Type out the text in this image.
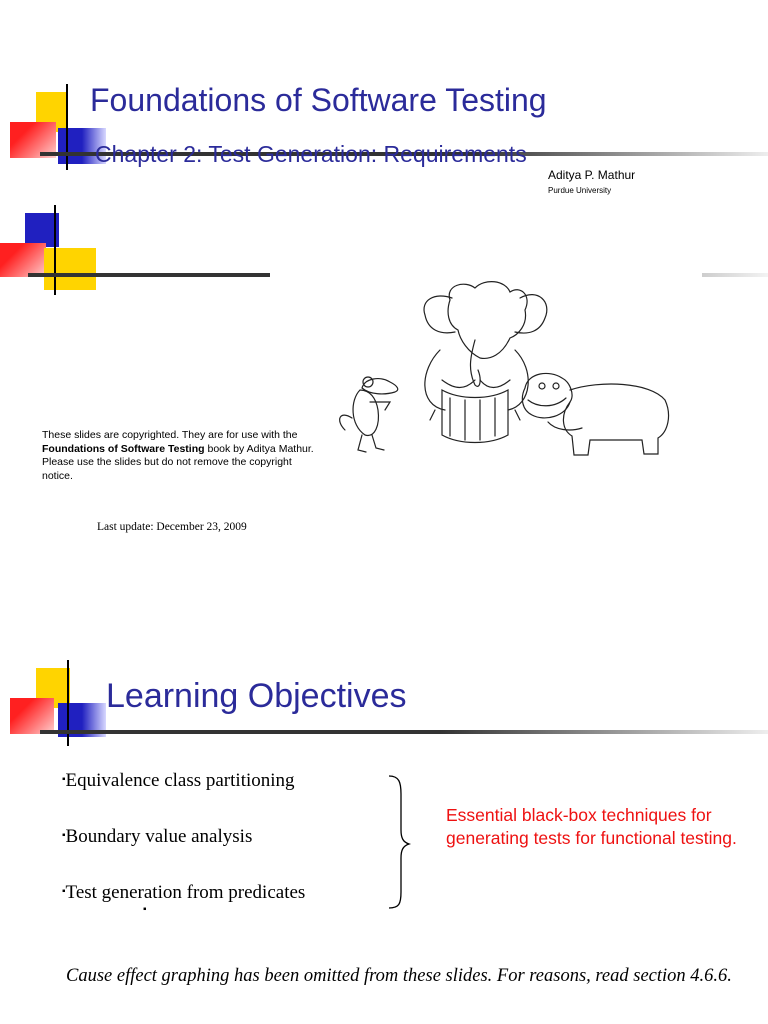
Foundations of Software Testing
Chapter 2: Test Generation: Requirements
Aditya P. Mathur
Purdue University
These slides are copyrighted. They are for use with the Foundations of Software Testing book by Aditya Mathur. Please use the slides but do not remove the copyright notice.
Last update: December 23, 2009
Learning Objectives
▪Equivalence class partitioning
▪Boundary value analysis
▪Test generation from predicates
▪
Essential black-box techniques for generating tests for functional testing.
Cause effect graphing has been omitted from these slides. For reasons, read section 4.6.6.
